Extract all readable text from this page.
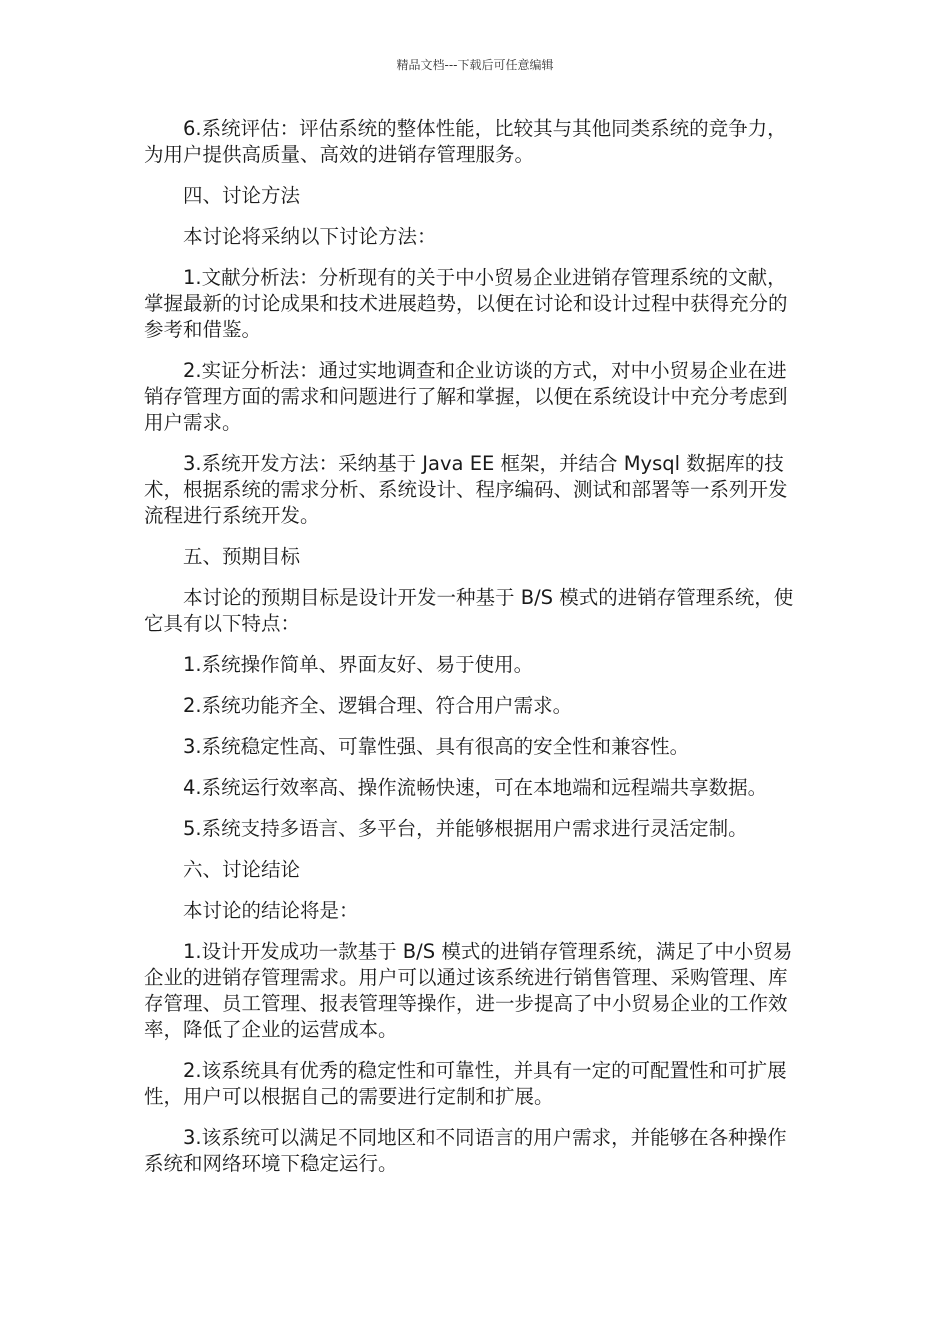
精品文档---下载后可任意编辑

6.系统评估：评估系统的整体性能，比较其与其他同类系统的竞争力，为用户提供高质量、高效的进销存管理服务。

四、讨论方法

本讨论将采纳以下讨论方法：

1.文献分析法：分析现有的关于中小贸易企业进销存管理系统的文献，掌握最新的讨论成果和技术进展趋势，以便在讨论和设计过程中获得充分的参考和借鉴。

2.实证分析法：通过实地调查和企业访谈的方式，对中小贸易企业在进销存管理方面的需求和问题进行了解和掌握，以便在系统设计中充分考虑到用户需求。

3.系统开发方法：采纳基于 Java EE 框架，并结合 Mysql 数据库的技术，根据系统的需求分析、系统设计、程序编码、测试和部署等一系列开发流程进行系统开发。

五、预期目标

本讨论的预期目标是设计开发一种基于 B/S 模式的进销存管理系统，使它具有以下特点：

1.系统操作简单、界面友好、易于使用。

2.系统功能齐全、逻辑合理、符合用户需求。

3.系统稳定性高、可靠性强、具有很高的安全性和兼容性。

4.系统运行效率高、操作流畅快速，可在本地端和远程端共享数据。

5.系统支持多语言、多平台，并能够根据用户需求进行灵活定制。

六、讨论结论

本讨论的结论将是：

1.设计开发成功一款基于 B/S 模式的进销存管理系统，满足了中小贸易企业的进销存管理需求。用户可以通过该系统进行销售管理、采购管理、库存管理、员工管理、报表管理等操作，进一步提高了中小贸易企业的工作效率，降低了企业的运营成本。

2.该系统具有优秀的稳定性和可靠性，并具有一定的可配置性和可扩展性，用户可以根据自己的需要进行定制和扩展。

3.该系统可以满足不同地区和不同语言的用户需求，并能够在各种操作系统和网络环境下稳定运行。
